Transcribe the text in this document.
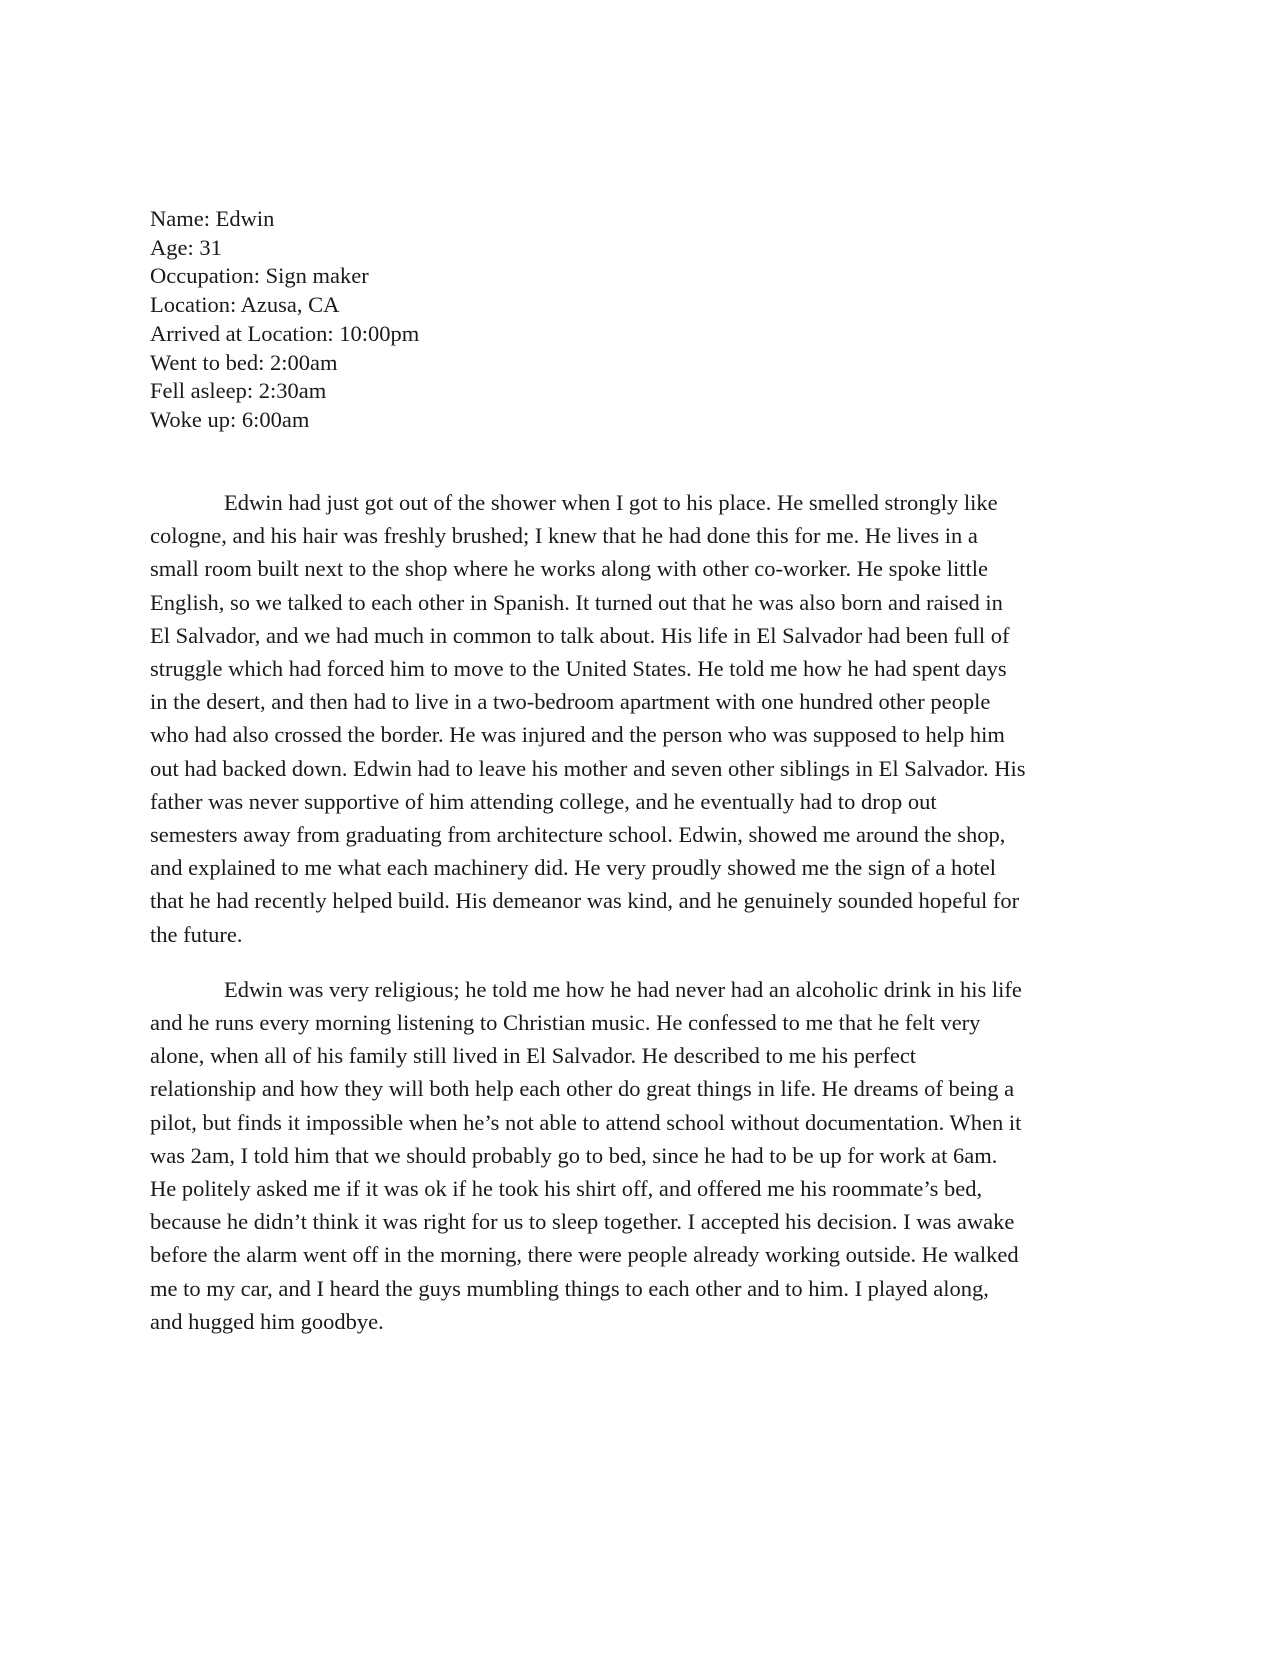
Name: Edwin
Age: 31
Occupation: Sign maker
Location: Azusa, CA
Arrived at Location: 10:00pm
Went to bed: 2:00am
Fell asleep: 2:30am
Woke up: 6:00am
Edwin had just got out of the shower when I got to his place. He smelled strongly like
cologne, and his hair was freshly brushed; I knew that he had done this for me. He lives in a
small room built next to the shop where he works along with other co-worker. He spoke little
English, so we talked to each other in Spanish. It turned out that he was also born and raised in
El Salvador, and we had much in common to talk about. His life in El Salvador had been full of
struggle which had forced him to move to the United States. He told me how he had spent days
in the desert, and then had to live in a two-bedroom apartment with one hundred other people
who had also crossed the border. He was injured and the person who was supposed to help him
out had backed down. Edwin had to leave his mother and seven other siblings in El Salvador. His
father was never supportive of him attending college, and he eventually had to drop out
semesters away from graduating from architecture school. Edwin, showed me around the shop,
and explained to me what each machinery did. He very proudly showed me the sign of a hotel
that he had recently helped build. His demeanor was kind, and he genuinely sounded hopeful for
the future.
Edwin was very religious; he told me how he had never had an alcoholic drink in his life
and he runs every morning listening to Christian music. He confessed to me that he felt very
alone, when all of his family still lived in El Salvador. He described to me his perfect
relationship and how they will both help each other do great things in life. He dreams of being a
pilot, but finds it impossible when he’s not able to attend school without documentation. When it
was 2am, I told him that we should probably go to bed, since he had to be up for work at 6am.
He politely asked me if it was ok if he took his shirt off, and offered me his roommate’s bed,
because he didn’t think it was right for us to sleep together. I accepted his decision. I was awake
before the alarm went off in the morning, there were people already working outside. He walked
me to my car, and I heard the guys mumbling things to each other and to him. I played along,
and hugged him goodbye.
